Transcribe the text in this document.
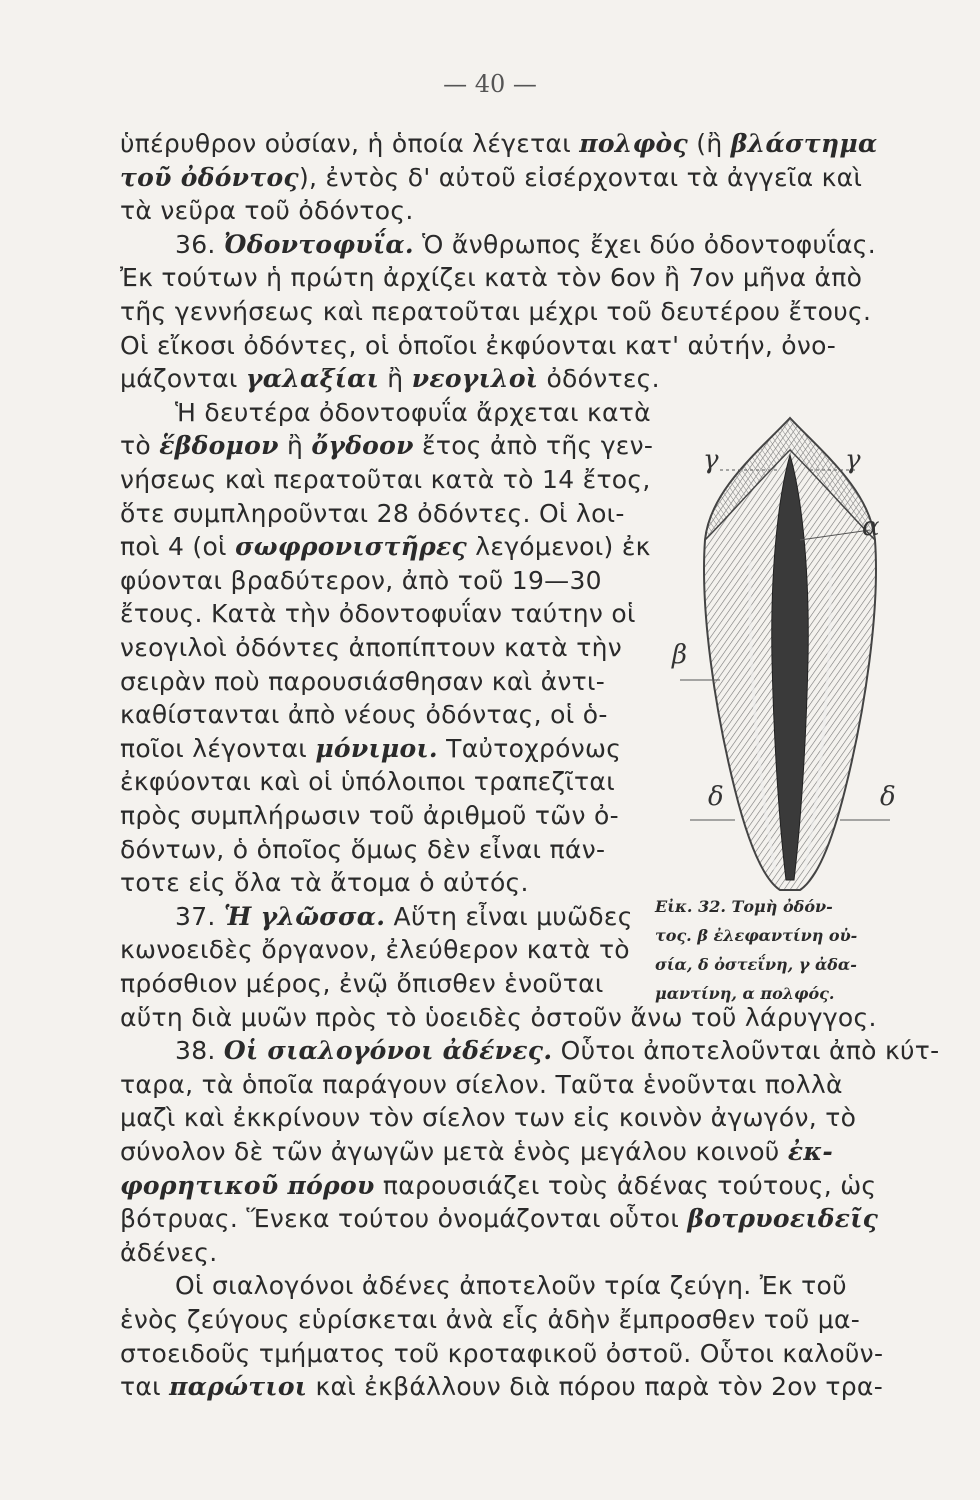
— 40 —
ὑπέρυθρον οὐσίαν, ἡ ὁποία λέγεται πολφὸς (ἢ βλάστημα
τοῦ ὀδόντος), ἐντὸς δ' αὐτοῦ εἰσέρχονται τὰ ἀγγεῖα καὶ
τὰ νεῦρα τοῦ ὀδόντος.
36. Ὀδοντοφυΐα. Ὁ ἄνθρωπος ἔχει δύο ὀδοντοφυΐας.
Ἐκ τούτων ἡ πρώτη ἀρχίζει κατὰ τὸν 6ον ἢ 7ον μῆνα ἀπὸ
τῆς γεννήσεως καὶ περατοῦται μέχρι τοῦ δευτέρου ἔτους.
Οἱ εἴκοσι ὀδόντες, οἱ ὁποῖοι ἐκφύονται κατ' αὐτήν, ὀνο-
μάζονται γαλαξίαι ἢ νεογιλοὶ ὀδόντες.
Ἡ δευτέρα ὀδοντοφυΐα ἄρχεται κατὰ
τὸ ἕβδομον ἢ ὄγδοον ἔτος ἀπὸ τῆς γεν-
νήσεως καὶ περατοῦται κατὰ τὸ 14 ἔτος,
ὅτε συμπληροῦνται 28 ὀδόντες. Οἱ λοι-
ποὶ 4 (οἱ σωφρονιστῆρες λεγόμενοι) ἐκ
φύονται βραδύτερον, ἀπὸ τοῦ 19—30
ἔτους. Κατὰ τὴν ὀδοντοφυΐαν ταύτην οἱ
νεογιλοὶ ὀδόντες ἀποπίπτουν κατὰ τὴν
σειρὰν ποὺ παρουσιάσθησαν καὶ ἀντι-
καθίστανται ἀπὸ νέους ὀδόντας, οἱ ὁ-
ποῖοι λέγονται μόνιμοι. Ταὐτοχρόνως
ἐκφύονται καὶ οἱ ὑπόλοιποι τραπεζῖται
πρὸς συμπλήρωσιν τοῦ ἀριθμοῦ τῶν ὀ-
δόντων, ὁ ὁποῖος ὅμως δὲν εἶναι πάν-
τοτε εἰς ὅλα τὰ ἄτομα ὁ αὐτός.
37. Ἡ γλῶσσα. Αὕτη εἶναι μυῶδες
κωνοειδὲς ὄργανον, ἐλεύθερον κατὰ τὸ
πρόσθιον μέρος, ἐνῷ ὄπισθεν ἑνοῦται
αὕτη διὰ μυῶν πρὸς τὸ ὑοειδὲς ὀστοῦν ἄνω τοῦ λάρυγγος.
38. Οἱ σιαλογόνοι ἀδένες. Οὗτοι ἀποτελοῦνται ἀπὸ κύτ-
ταρα, τὰ ὁποῖα παράγουν σίελον. Ταῦτα ἑνοῦνται πολλὰ
μαζὶ καὶ ἐκκρίνουν τὸν σίελον των εἰς κοινὸν ἀγωγόν, τὸ
σύνολον δὲ τῶν ἀγωγῶν μετὰ ἑνὸς μεγάλου κοινοῦ ἐκ-
φορητικοῦ πόρου παρουσιάζει τοὺς ἀδένας τούτους, ὡς
βότρυας. Ἕνεκα τούτου ὀνομάζονται οὗτοι βοτρυοειδεῖς
ἀδένες.
Οἱ σιαλογόνοι ἀδένες ἀποτελοῦν τρία ζεύγη. Ἐκ τοῦ
ἑνὸς ζεύγους εὑρίσκεται ἀνὰ εἷς ἀδὴν ἔμπροσθεν τοῦ μα-
στοειδοῦς τμήματος τοῦ κροταφικοῦ ὀστοῦ. Οὗτοι καλοῦν-
ται παρώτιοι καὶ ἐκβάλλουν διὰ πόρου παρὰ τὸν 2ον τρα-
γ	γ
α
β
δ	δ
Εἰκ. 32. Τομὴ ὀδόν-
τος. β ἐλεφαντίνη οὐ-
σία, δ ὀστεΐνη, γ ἀδα-
μαντίνη, α πολφός.
